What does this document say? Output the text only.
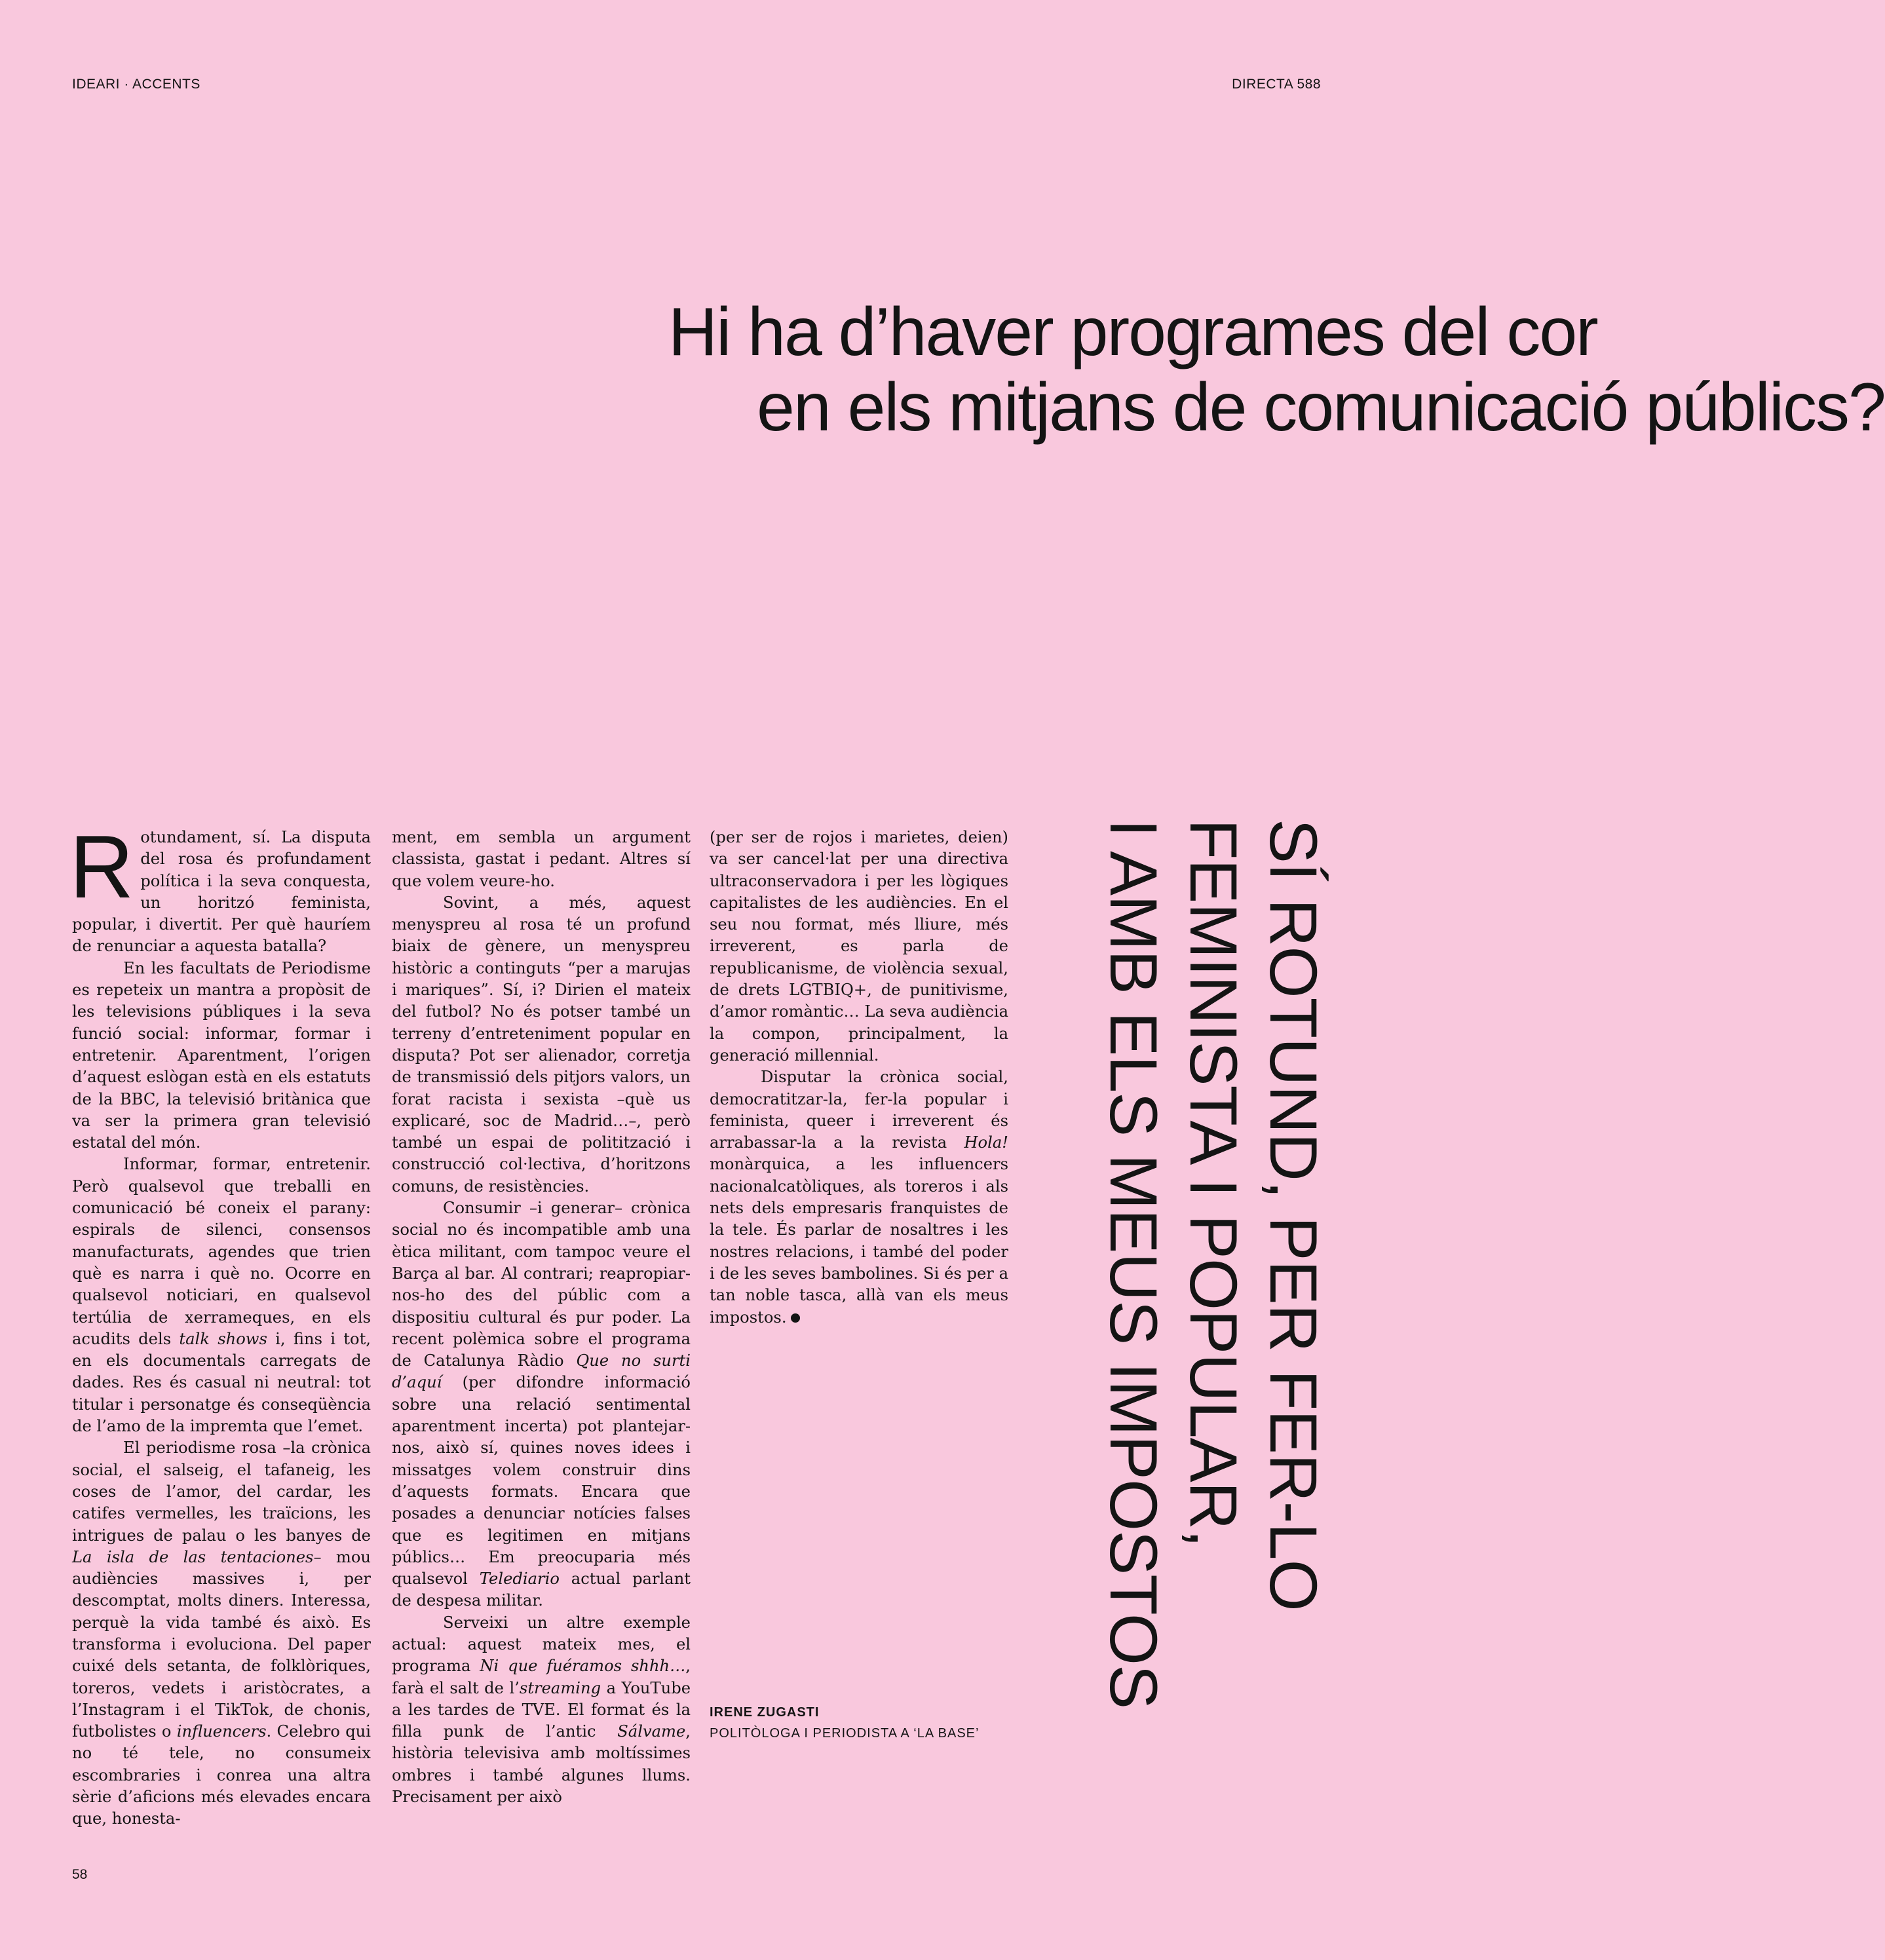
IDEARI · ACCENTS	DIRECTA 588
Hi ha d’haver programes del cor
en els mitjans de comunicació públics?

Rotundament, sí. La disputa del rosa és profundament política i la seva conquesta, un horitzó feminista, popular, i divertit. Per què hauríem de renunciar a aquesta batalla?

En les facultats de Periodisme es repeteix un mantra a propòsit de les televisions públiques i la seva funció social: informar, formar i entretenir. Aparentment, l’origen d’aquest eslògan està en els estatuts de la BBC, la televisió britànica que va ser la primera gran televisió estatal del món.

Informar, formar, entretenir. Però qualsevol que treballi en comunicació bé coneix el parany: espirals de silenci, consensos manufacturats, agendes que trien què es narra i què no. Ocorre en qualsevol noticiari, en qualsevol tertúlia de xerrameques, en els acudits dels talk shows i, fins i tot, en els documentals carregats de dades. Res és casual ni neutral: tot titular i personatge és conseqüència de l’amo de la impremta que l’emet.

El periodisme rosa –la crònica social, el salseig, el tafaneig, les coses de l’amor, del cardar, les catifes vermelles, les traïcions, les intrigues de palau o les banyes de La isla de las tentaciones– mou audiències massives i, per descomptat, molts diners. Interessa, perquè la vida també és això. Es transforma i evoluciona. Del paper cuixé dels setanta, de folklòriques, toreros, vedets i aristòcrates, a l’Instagram i el TikTok, de chonis, futbolistes o influencers. Celebro qui no té tele, no consumeix escombraries i conrea una altra sèrie d’aficions més elevades encara que, honesta-

ment, em sembla un argument classista, gastat i pedant. Altres sí que volem veure-ho.

Sovint, a més, aquest menyspreu al rosa té un profund biaix de gènere, un menyspreu històric a continguts “per a marujas i mariques”. Sí, i? Dirien el mateix del futbol? No és potser també un terreny d’entreteniment popular en disputa? Pot ser alienador, corretja de transmissió dels pitjors valors, un forat racista i sexista –què us explicaré, soc de Madrid…–, però també un espai de politització i construcció col·lectiva, d’horitzons comuns, de resistències.

Consumir –i generar– crònica social no és incompatible amb una ètica militant, com tampoc veure el Barça al bar. Al contrari; reapropiar-nos-ho des del públic com a dispositiu cultural és pur poder. La recent polèmica sobre el programa de Catalunya Ràdio Que no surti d’aquí (per difondre informació sobre una relació sentimental aparentment incerta) pot plantejar-nos, això sí, quines noves idees i missatges volem construir dins d’aquests formats. Encara que posades a denunciar notícies falses que es legitimen en mitjans públics… Em preocuparia més qualsevol Telediario actual parlant de despesa militar.

Serveixi un altre exemple actual: aquest mateix mes, el programa Ni que fuéramos shhh…, farà el salt de l’streaming a YouTube a les tardes de TVE. El format és la filla punk de l’antic Sálvame, història televisiva amb moltíssimes ombres i també algunes llums. Precisament per això

(per ser de rojos i marietes, deien) va ser cancel·lat per una directiva ultraconservadora i per les lògiques capitalistes de les audiències. En el seu nou format, més lliure, més irreverent, es parla de republicanisme, de violència sexual, de drets LGTBIQ+, de punitivisme, d’amor romàntic… La seva audiència la compon, principalment, la generació millennial.

Disputar la crònica social, democratitzar-la, fer-la popular i feminista, queer i irreverent és arrabassar-la a la revista Hola! monàrquica, a les influencers nacionalcatòliques, als toreros i als nets dels empresaris franquistes de la tele. És parlar de nosaltres i les nostres relacions, i també del poder i de les seves bambolines. Si és per a tan noble tasca, allà van els meus impostos.

IRENE ZUGASTI
POLITÒLOGA I PERIODISTA A ‘LA BASE’
SÍ ROTUND, PER FER-LO
FEMINISTA I POPULAR,
I AMB ELS MEUS IMPOSTOS
58
